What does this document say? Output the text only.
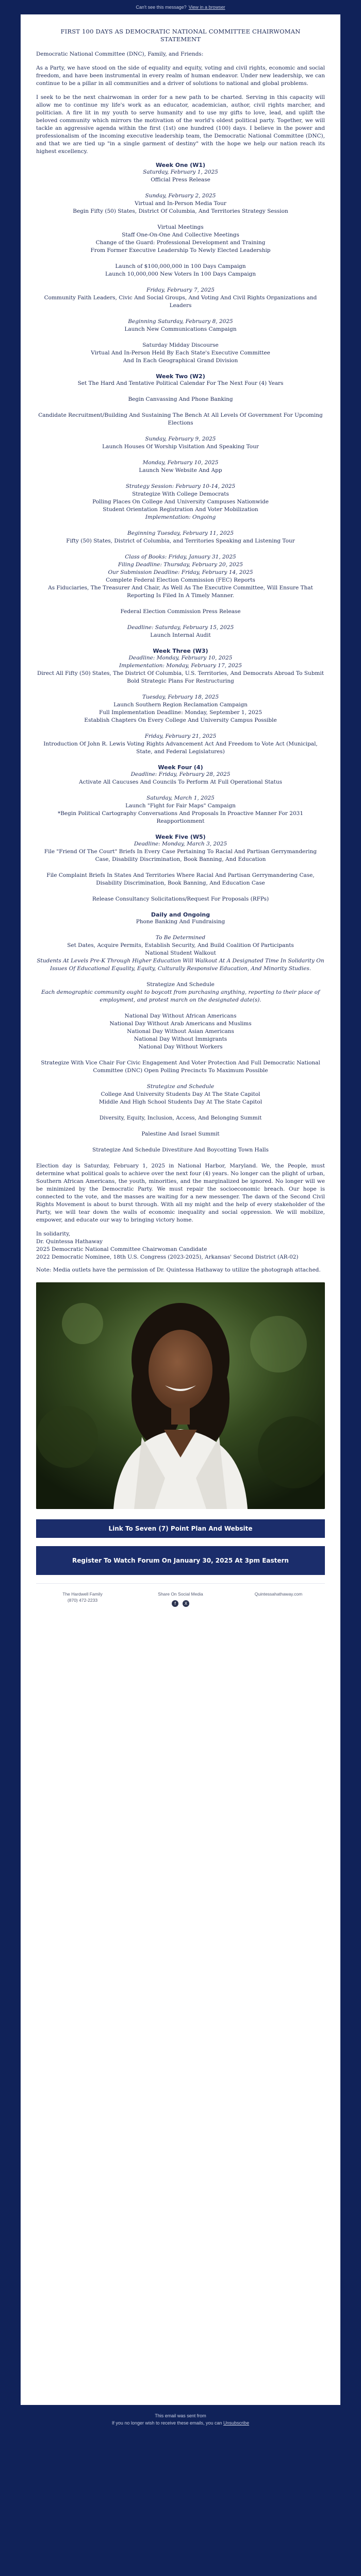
Can't see this message? View in a browser
FIRST 100 DAYS AS DEMOCRATIC NATIONAL COMMITTEE CHAIRWOMAN
STATEMENT

Democratic National Committee (DNC), Family, and Friends:

As a Party, we have stood on the side of equality and equity, voting and civil rights, economic and social freedom, and have been instrumental in every realm of human endeavor. Under new leadership, we can continue to be a pillar in all communities and a driver of solutions to national and global problems.

I seek to be the next chairwoman in order for a new path to be charted. Serving in this capacity will allow me to continue my life's work as an educator, academician, author, civil rights marcher, and politician. A fire lit in my youth to serve humanity and to use my gifts to love, lead, and uplift the beloved community which mirrors the motivation of the world's oldest political party. Together, we will tackle an aggressive agenda within the first (1st) one hundred (100) days. I believe in the power and professionalism of the incoming executive leadership team, the Democratic National Committee (DNC), and that we are tied up "in a single garment of destiny" with the hope we help our nation reach its highest excellency.

Week One (W1)
Saturday, February 1, 2025
Official Press Release
Sunday, February 2, 2025
Virtual and In-Person Media Tour
Begin Fifty (50) States, District Of Columbia, And Territories Strategy Session
Virtual Meetings
Staff One-On-One And Collective Meetings
Change of the Guard: Professional Development and Training
From Former Executive Leadership To Newly Elected Leadership
Launch of $100,000,000 in 100 Days Campaign
Launch 10,000,000 New Voters In 100 Days Campaign
Friday, February 7, 2025
Community Faith Leaders, Civic And Social Groups, And Voting And Civil Rights Organizations and Leaders
Beginning Saturday, February 8, 2025
Launch New Communications Campaign
Saturday Midday Discourse
Virtual And In-Person Held By Each State's Executive Committee
And In Each Geographical Grand Division
Week Two (W2)
Set The Hard And Tentative Political Calendar For The Next Four (4) Years
Begin Canvassing And Phone Banking
Candidate Recruitment/Building And Sustaining The Bench At All Levels Of Government For Upcoming Elections
Sunday, February 9, 2025
Launch Houses Of Worship Visitation And Speaking Tour
Monday, February 10, 2025
Launch New Website And App
Strategy Session: February 10-14, 2025
Strategize With College Democrats
Polling Places On College And University Campuses Nationwide
Student Orientation Registration And Voter Mobilization
Implementation: Ongoing
Beginning Tuesday, February 11, 2025
Fifty (50) States, District of Columbia, and Territories Speaking and Listening Tour
Class of Books: Friday, January 31, 2025
Filing Deadline: Thursday, February 20, 2025
Our Submission Deadline: Friday, February 14, 2025
Complete Federal Election Commission (FEC) Reports
As Fiduciaries, The Treasurer And Chair, As Well As The Executive Committee, Will Ensure That Reporting Is Filed In A Timely Manner.
Federal Election Commission Press Release
Deadline: Saturday, February 15, 2025
Launch Internal Audit
Week Three (W3)
Deadline: Monday, February 10, 2025
Implementation: Monday, February 17, 2025
Direct All Fifty (50) States, The District Of Columbia, U.S. Territories, And Democrats Abroad To Submit Bold Strategic Plans For Restructuring
Tuesday, February 18, 2025
Launch Southern Region Reclamation Campaign
Full Implementation Deadline: Monday, September 1, 2025
Establish Chapters On Every College And University Campus Possible
Friday, February 21, 2025
Introduction Of John R. Lewis Voting Rights Advancement Act And Freedom to Vote Act (Municipal, State, and Federal Legislatures)
Week Four (4)
Deadline: Friday, February 28, 2025
Activate All Caucuses And Councils To Perform At Full Operational Status
Saturday, March 1, 2025
Launch "Fight for Fair Maps" Campaign
*Begin Political Cartography Conversations And Proposals In Proactive Manner For 2031 Reapportionment
Week Five (W5)
Deadline: Monday, March 3, 2025
File "Friend Of The Court" Briefs In Every Case Pertaining To Racial And Partisan Gerrymandering Case, Disability Discrimination, Book Banning, And Education
File Complaint Briefs In States And Territories Where Racial And Partisan Gerrymandering Case, Disability Discrimination, Book Banning, And Education Case
Release Consultancy Solicitations/Request For Proposals (RFPs)
Daily and Ongoing
Phone Banking And Fundraising
To Be Determined
Set Dates, Acquire Permits, Establish Security, And Build Coalition Of Participants
National Student Walkout
Students At Levels Pre-K Through Higher Education Will Walkout At A Designated Time In Solidarity On Issues Of Educational Equality, Equity, Culturally Responsive Education, And Minority Studies.
Strategize And Schedule
Each demographic community ought to boycott from purchasing anything, reporting to their place of employment, and protest march on the designated date(s).
National Day Without African Americans
National Day Without Arab Americans and Muslims
National Day Without Asian Americans
National Day Without Immigrants
National Day Without Workers
Strategize With Vice Chair For Civic Engagement And Voter Protection And Full Democratic National Committee (DNC) Open Polling Precincts To Maximum Possible
Strategize and Schedule
College And University Students Day At The State Capitol
Middle And High School Students Day At The State Capitol
Diversity, Equity, Inclusion, Access, And Belonging Summit
Palestine And Israel Summit
Strategize And Schedule Divestiture And Boycotting Town Halls

Election day is Saturday, February 1, 2025 in National Harbor, Maryland. We, the People, must determine what political goals to achieve over the next four (4) years. No longer can the plight of urban, Southern African Americans, the youth, minorities, and the marginalized be ignored. No longer will we be minimized by the Democratic Party. We must repair the socioeconomic breach. Our hope is connected to the vote, and the masses are waiting for a new messenger. The dawn of the Second Civil Rights Movement is about to burst through. With all my might and the help of every stakeholder of the Party, we will tear down the walls of economic inequality and social oppression. We will mobilize, empower, and educate our way to bringing victory home.

In solidarity,
Dr. Quintessa Hathaway
2025 Democratic National Committee Chairwoman Candidate
2022 Democratic Nominee, 18th U.S. Congress (2023-2025), Arkansas' Second District (AR-02)

Note: Media outlets have the permission of Dr. Quintessa Hathaway to utilize the photograph attached.

Link To Seven (7) Point Plan And Website
Register To Watch Forum On January 30, 2025 At 3pm Eastern
The Hardwell Family
(870) 472-2233
Share On Social Media
f	X
Quintessahathaway.com
This email was sent from
If you no longer wish to receive these emails, you can Unsubscribe
